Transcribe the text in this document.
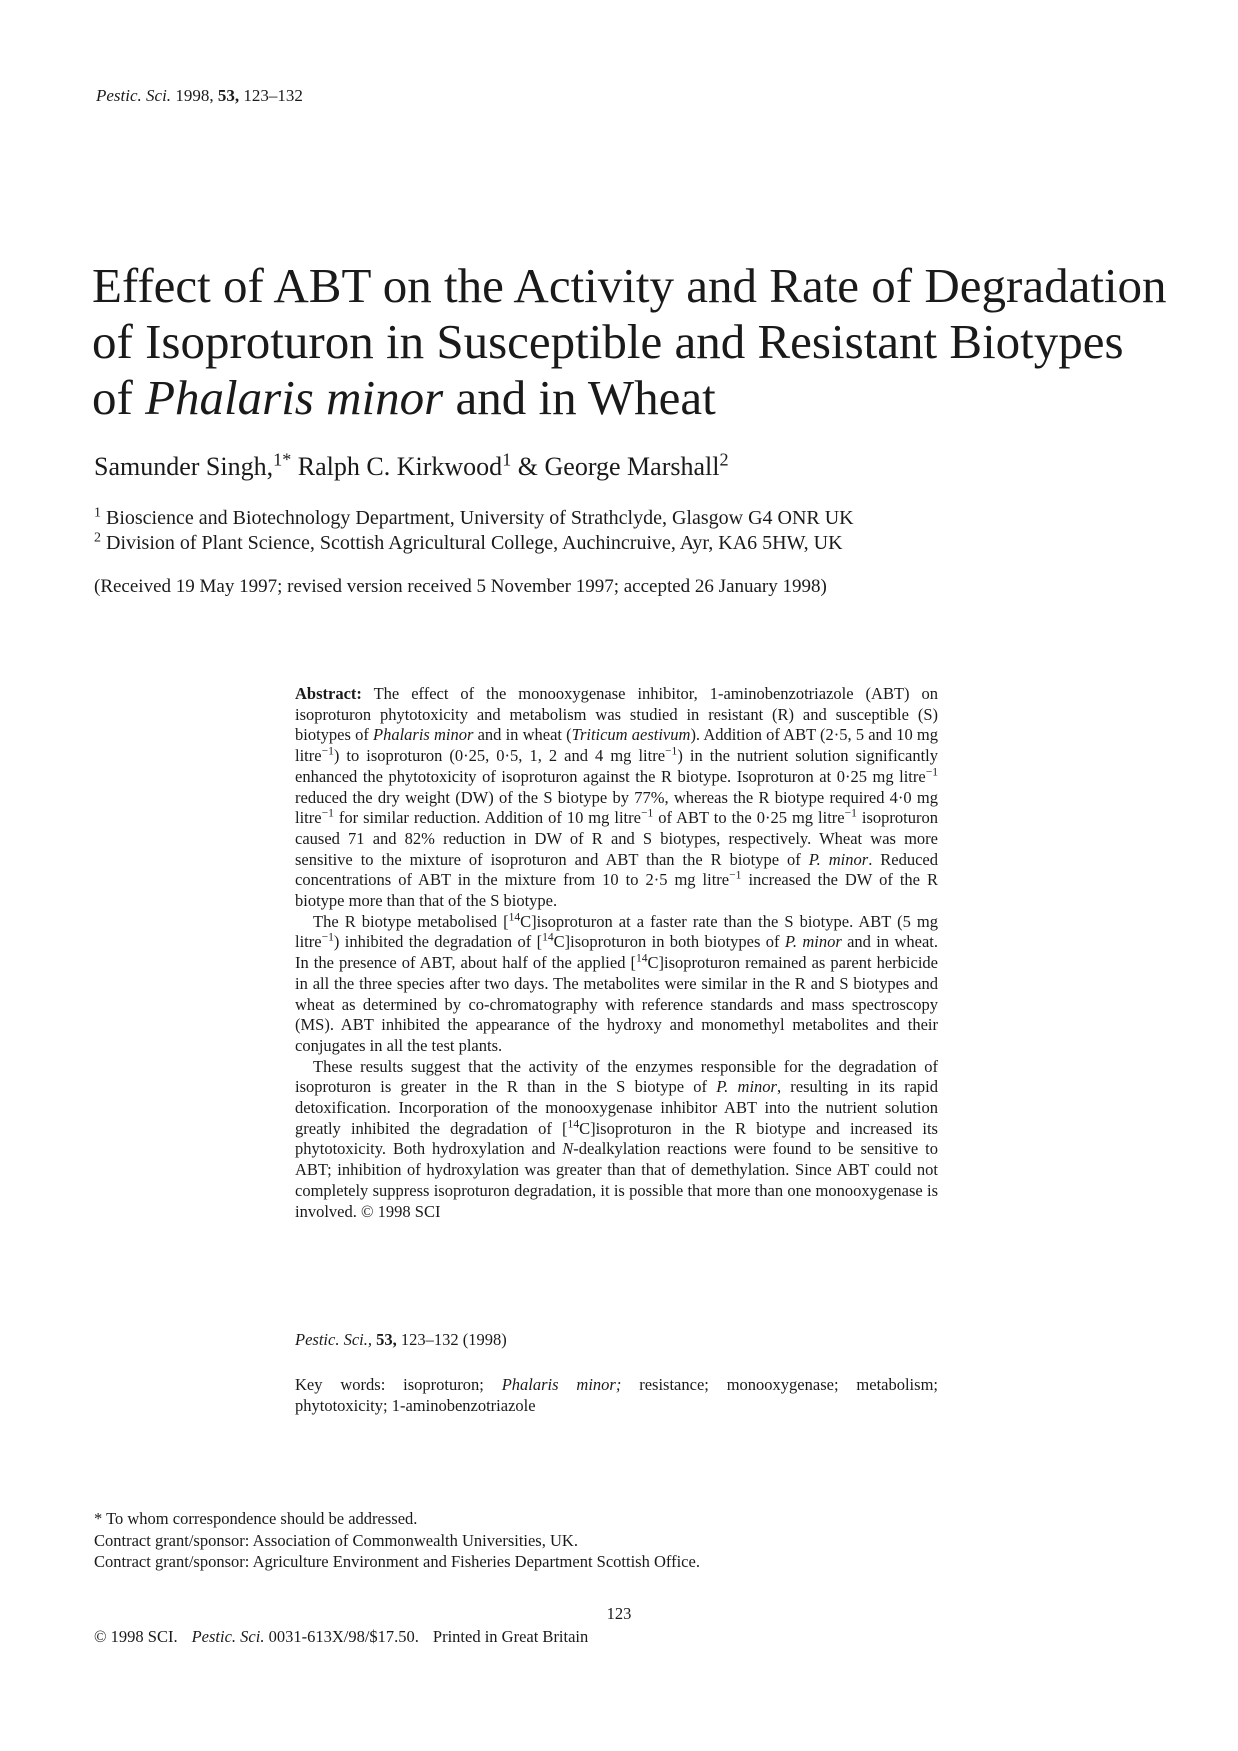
Pestic. Sci. 1998, 53, 123–132
Effect of ABT on the Activity and Rate of Degradation of Isoproturon in Susceptible and Resistant Biotypes of Phalaris minor and in Wheat
Samunder Singh,$^{1*}$ Ralph C. Kirkwood$^1$ & George Marshall$^2$
$^1$ Bioscience and Biotechnology Department, University of Strathclyde, Glasgow G4 ONR UK
$^2$ Division of Plant Science, Scottish Agricultural College, Auchincruive, Ayr, KA6 5HW, UK
(Received 19 May 1997; revised version received 5 November 1997; accepted 26 January 1998)

Abstract: The effect of the monooxygenase inhibitor, 1-aminobenzotriazole (ABT) on isoproturon phytotoxicity and metabolism was studied in resistant (R) and susceptible (S) biotypes of Phalaris minor and in wheat (Triticum aestivum). Addition of ABT (2·5, 5 and 10 mg litre$^{-1}$) to isoproturon (0·25, 0·5, 1, 2 and 4 mg litre$^{-1}$) in the nutrient solution significantly enhanced the phytotoxicity of isoproturon against the R biotype. Isoproturon at 0·25 mg litre$^{-1}$ reduced the dry weight (DW) of the S biotype by 77%, whereas the R biotype required 4·0 mg litre$^{-1}$ for similar reduction. Addition of 10 mg litre$^{-1}$ of ABT to the 0·25 mg litre$^{-1}$ isoproturon caused 71 and 82% reduction in DW of R and S biotypes, respectively. Wheat was more sensitive to the mixture of isoproturon and ABT than the R biotype of P. minor. Reduced concentrations of ABT in the mixture from 10 to 2·5 mg litre$^{-1}$ increased the DW of the R biotype more than that of the S biotype.

The R biotype metabolised [$^{14}$C]isoproturon at a faster rate than the S biotype. ABT (5 mg litre$^{-1}$) inhibited the degradation of [$^{14}$C]isoproturon in both biotypes of P. minor and in wheat. In the presence of ABT, about half of the applied [$^{14}$C]isoproturon remained as parent herbicide in all the three species after two days. The metabolites were similar in the R and S biotypes and wheat as determined by co-chromatography with reference standards and mass spectroscopy (MS). ABT inhibited the appearance of the hydroxy and monomethyl metabolites and their conjugates in all the test plants.

These results suggest that the activity of the enzymes responsible for the degradation of isoproturon is greater in the R than in the S biotype of P. minor, resulting in its rapid detoxification. Incorporation of the monooxygenase inhibitor ABT into the nutrient solution greatly inhibited the degradation of [$^{14}$C]isoproturon in the R biotype and increased its phytotoxicity. Both hydroxylation and N-dealkylation reactions were found to be sensitive to ABT; inhibition of hydroxylation was greater than that of demethylation. Since ABT could not completely suppress isoproturon degradation, it is possible that more than one monooxygenase is involved. © 1998 SCI

Pestic. Sci., 53, 123–132 (1998)
Key words: isoproturon; Phalaris minor; resistance; monooxygenase; metabolism; phytotoxicity; 1-aminobenzotriazole
* To whom correspondence should be addressed.
Contract grant/sponsor: Association of Commonwealth Universities, UK.
Contract grant/sponsor: Agriculture Environment and Fisheries Department Scottish Office.
123
© 1998 SCI. Pestic. Sci. 0031-613X/98/$17.50. Printed in Great Britain
